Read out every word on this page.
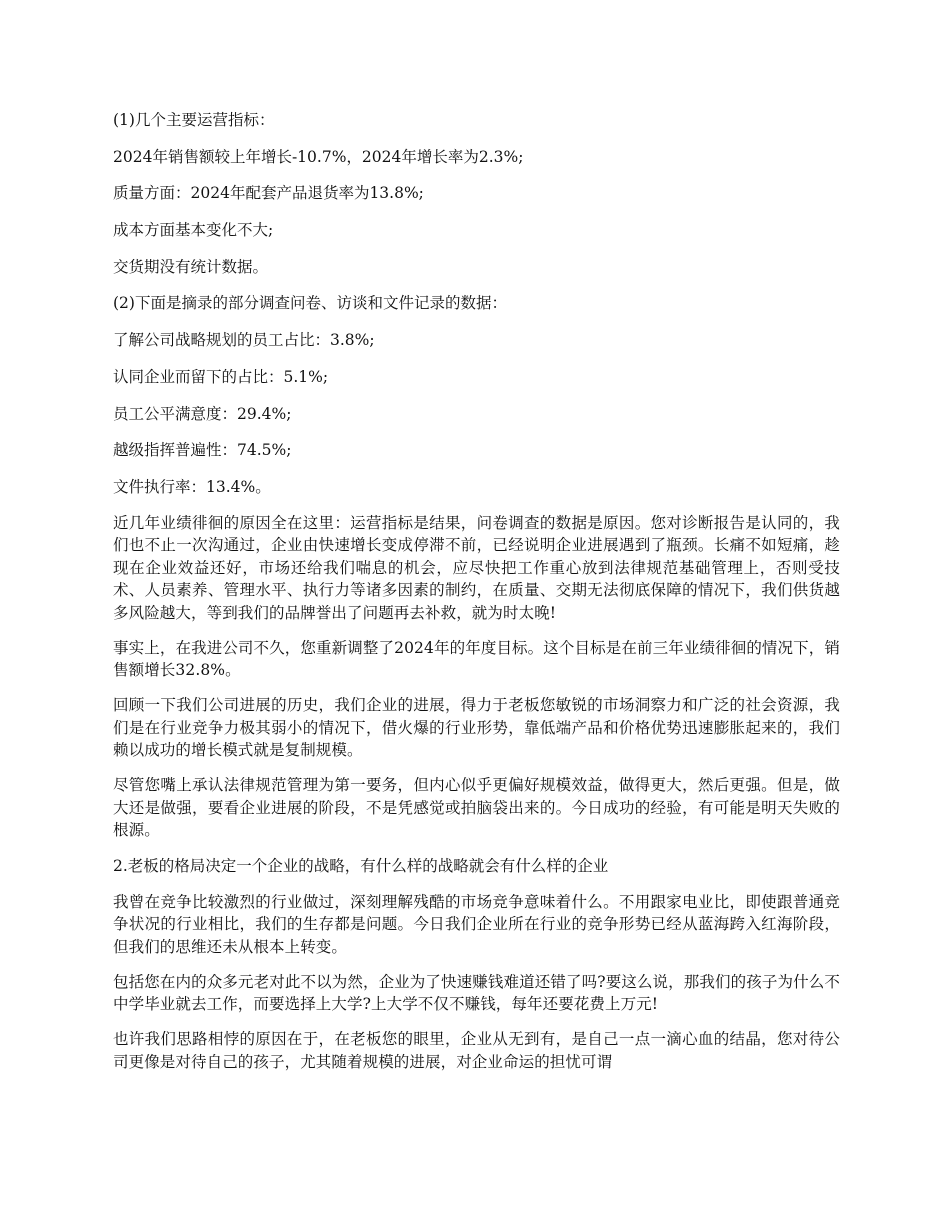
(1)几个主要运营指标：

2024年销售额较上年增长-10.7%，2024年增长率为2.3%;

质量方面：2024年配套产品退货率为13.8%;

成本方面基本变化不大;

交货期没有统计数据。

(2)下面是摘录的部分调查问卷、访谈和文件记录的数据：

了解公司战略规划的员工占比：3.8%;

认同企业而留下的占比：5.1%;

员工公平满意度：29.4%;

越级指挥普遍性：74.5%;

文件执行率：13.4%。

近几年业绩徘徊的原因全在这里：运营指标是结果，问卷调查的数据是原因。您对诊断报告是认同的，我们也不止一次沟通过，企业由快速增长变成停滞不前，已经说明企业进展遇到了瓶颈。长痛不如短痛，趁现在企业效益还好，市场还给我们喘息的机会，应尽快把工作重心放到法律规范基础管理上，否则受技术、人员素养、管理水平、执行力等诸多因素的制约，在质量、交期无法彻底保障的情况下，我们供货越多风险越大，等到我们的品牌誉出了问题再去补救，就为时太晚!

事实上，在我进公司不久，您重新调整了2024年的年度目标。这个目标是在前三年业绩徘徊的情况下，销售额增长32.8%。

回顾一下我们公司进展的历史，我们企业的进展，得力于老板您敏锐的市场洞察力和广泛的社会资源，我们是在行业竞争力极其弱小的情况下，借火爆的行业形势，靠低端产品和价格优势迅速膨胀起来的，我们赖以成功的增长模式就是复制规模。

尽管您嘴上承认法律规范管理为第一要务，但内心似乎更偏好规模效益，做得更大，然后更强。但是，做大还是做强，要看企业进展的阶段，不是凭感觉或拍脑袋出来的。今日成功的经验，有可能是明天失败的根源。

2.老板的格局决定一个企业的战略，有什么样的战略就会有什么样的企业

我曾在竞争比较激烈的行业做过，深刻理解残酷的市场竞争意味着什么。不用跟家电业比，即使跟普通竞争状况的行业相比，我们的生存都是问题。今日我们企业所在行业的竞争形势已经从蓝海跨入红海阶段，但我们的思维还未从根本上转变。

包括您在内的众多元老对此不以为然，企业为了快速赚钱难道还错了吗?要这么说，那我们的孩子为什么不中学毕业就去工作，而要选择上大学?上大学不仅不赚钱，每年还要花费上万元!

也许我们思路相悖的原因在于，在老板您的眼里，企业从无到有，是自己一点一滴心血的结晶，您对待公司更像是对待自己的孩子，尤其随着规模的进展，对企业命运的担忧可谓
